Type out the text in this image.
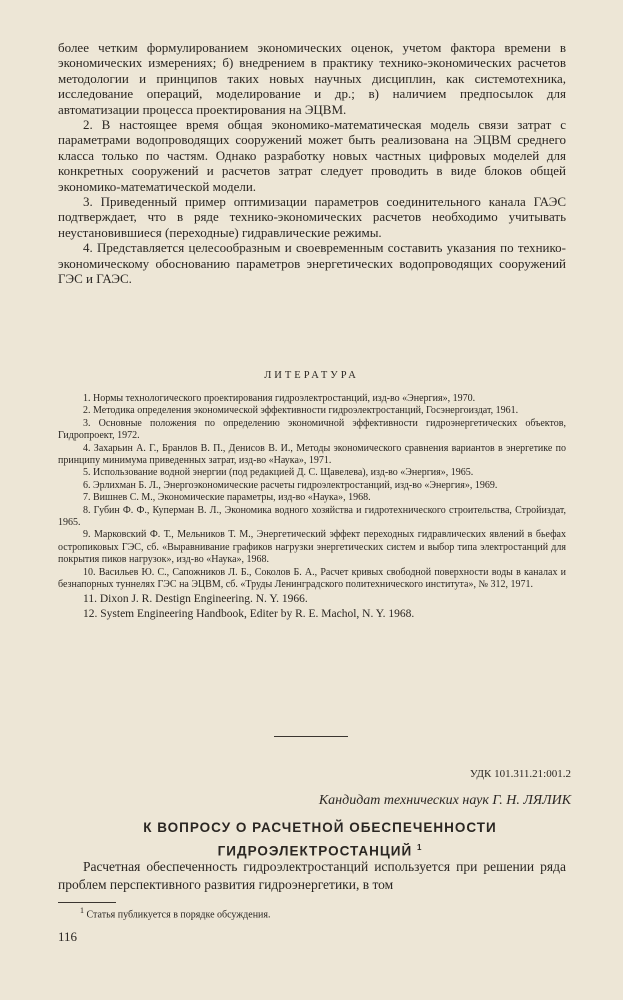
более четким формулированием экономических оценок, учетом фактора времени в экономических измерениях; б) внедрением в практику технико-экономических расчетов методологии и принципов таких новых научных дисциплин, как системотехника, исследование операций, моделирование и др.; в) наличием предпосылок для автоматизации процесса проектирования на ЭЦВМ.

2. В настоящее время общая экономико-математическая модель связи затрат с параметрами водопроводящих сооружений может быть реализована на ЭЦВМ среднего класса только по частям. Однако разработку новых частных цифровых моделей для конкретных сооружений и расчетов затрат следует проводить в виде блоков общей экономико-математической модели.

3. Приведенный пример оптимизации параметров соединительного канала ГАЭС подтверждает, что в ряде технико-экономических расчетов необходимо учитывать неустановившиеся (переходные) гидравлические режимы.

4. Представляется целесообразным и своевременным составить указания по технико-экономическому обоснованию параметров энергетических водопроводящих сооружений ГЭС и ГАЭС.

ЛИТЕРАТУРА
1. Нормы технологического проектирования гидроэлектростанций, изд-во «Энергия», 1970.
2. Методика определения экономической эффективности гидроэлектростанций, Госэнергоиздат, 1961.
3. Основные положения по определению экономичной эффективности гидроэнергетических объектов, Гидропроект, 1972.
4. Захарьин А. Г., Бранлов В. П., Денисов В. И., Методы экономического сравнения вариантов в энергетике по принципу минимума приведенных затрат, изд-во «Наука», 1971.
5. Использование водной энергии (под редакцией Д. С. Щавелева), изд-во «Энергия», 1965.
6. Эрлихман Б. Л., Энергоэкономические расчеты гидроэлектростанций, изд-во «Энергия», 1969.
7. Вишнев С. М., Экономические параметры, изд-во «Наука», 1968.
8. Губин Ф. Ф., Куперман В. Л., Экономика водного хозяйства и гидротехнического строительства, Стройиздат, 1965.
9. Марковский Ф. Т., Мельников Т. М., Энергетический эффект переходных гидравлических явлений в бьефах остропиковых ГЭС, сб. «Выравнивание графиков нагрузки энергетических систем и выбор типа электростанций для покрытия пиков нагрузок», изд-во «Наука», 1968.
10. Васильев Ю. С., Сапожников Л. Б., Соколов Б. А., Расчет кривых свободной поверхности воды в каналах и безнапорных туннелях ГЭС на ЭЦВМ, сб. «Труды Ленинградского политехнического института», № 312, 1971.
11. Dixon J. R. Destign Engineering. N. Y. 1966.
12. System Engineering Handbook, Editer by R. E. Machol, N. Y. 1968.
УДК 101.311.21:001.2
Кандидат технических наук Г. Н. ЛЯЛИК
К ВОПРОСУ О РАСЧЕТНОЙ ОБЕСПЕЧЕННОСТИ
ГИДРОЭЛЕКТРОСТАНЦИЙ $^1$
Расчетная обеспеченность гидроэлектростанций используется при решении ряда проблем перспективного развития гидроэнергетики, в том
$^1$ Статья публикуется в порядке обсуждения.
116
